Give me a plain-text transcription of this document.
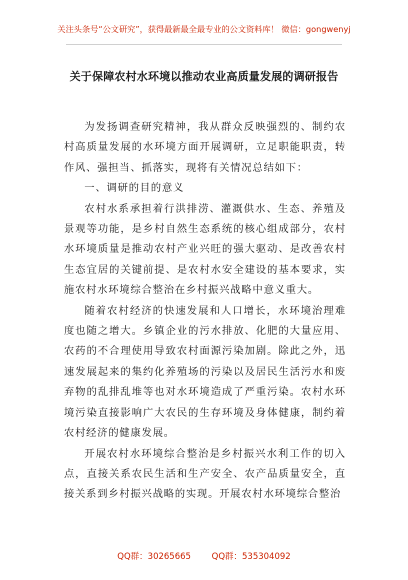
关注头条号“公文研究”，获得最新最全最专业的公文资料库！ 微信：gongwenyj
关于保障农村水环境以推动农业高质量发展的调研报告

为发扬调查研究精神，我从群众反映强烈的、制约农村高质量发展的水环境方面开展调研，立足职能职责，转作风、强担当、抓落实，现将有关情况总结如下：

一、调研的目的意义

农村水系承担着行洪排涝、灌溉供水、生态、养殖及景观等功能，是乡村自然生态系统的核心组成部分，农村水环境质量是推动农村产业兴旺的强大驱动、是改善农村生态宜居的关键前提、是农村水安全建设的基本要求，实施农村水环境综合整治在乡村振兴战略中意义重大。

随着农村经济的快速发展和人口增长，水环境治理难度也随之增大。乡镇企业的污水排放、化肥的大量应用、农药的不合理使用导致农村面源污染加剧。除此之外，迅速发展起来的集约化养殖场的污染以及居民生活污水和废弃物的乱排乱堆等也对水环境造成了严重污染。农村水环境污染直接影响广大农民的生存环境及身体健康，制约着农村经济的健康发展。

开展农村水环境综合整治是乡村振兴水利工作的切入点，直接关系农民生活和生产安全、农产品质量安全，直接关系到乡村振兴战略的实现。开展农村水环境综合整治

QQ群：30265665 QQ群：535304092
